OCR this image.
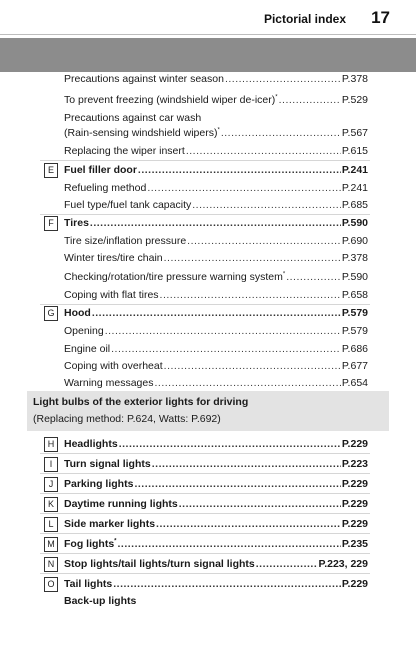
Pictorial index 17
Precautions against winter season .....	P.378
To prevent freezing (windshield wiper de-icer)* .....	P.529
Precautions against car wash
(Rain-sensing windshield wipers)* .....	P.567
Replacing the wiper insert .....	P.615
E Fuel filler door .....	P.241
Refueling method .....	P.241
Fuel type/fuel tank capacity .....	P.685
F Tires .....	P.590
Tire size/inflation pressure .....	P.690
Winter tires/tire chain .....	P.378
Checking/rotation/tire pressure warning system* .....	P.590
Coping with flat tires .....	P.658
G Hood .....	P.579
Opening .....	P.579
Engine oil .....	P.686
Coping with overheat .....	P.677
Warning messages .....	P.654
Light bulbs of the exterior lights for driving
(Replacing method: P.624, Watts: P.692)
H Headlights .....	P.229
I	Turn signal lights .....	P.223
J	Parking lights .....	P.229
K Daytime running lights .....	P.229
L	Side marker lights .....	P.229
M Fog lights* .....	P.235
N Stop lights/tail lights/turn signal lights .....	P.223, 229
O Tail lights .....	P.229
Back-up lights
